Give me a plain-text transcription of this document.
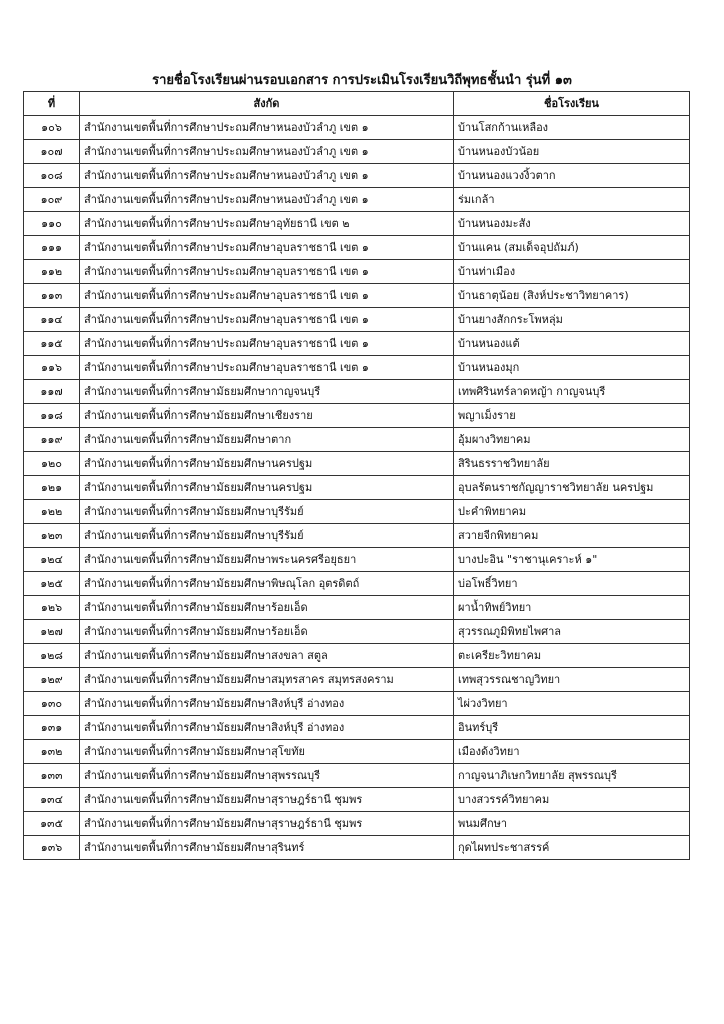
รายชื่อโรงเรียนผ่านรอบเอกสาร การประเมินโรงเรียนวิถีพุทธชั้นนำ รุ่นที่ ๑๓
ที่	สังกัด	ชื่อโรงเรียน
๑๐๖	สำนักงานเขตพื้นที่การศึกษาประถมศึกษาหนองบัวลำภู เขต ๑	บ้านโสกก้านเหลือง
๑๐๗	สำนักงานเขตพื้นที่การศึกษาประถมศึกษาหนองบัวลำภู เขต ๑	บ้านหนองบัวน้อย
๑๐๘	สำนักงานเขตพื้นที่การศึกษาประถมศึกษาหนองบัวลำภู เขต ๑	บ้านหนองแวงงิ้วตาก
๑๐๙	สำนักงานเขตพื้นที่การศึกษาประถมศึกษาหนองบัวลำภู เขต ๑	ร่มเกล้า
๑๑๐	สำนักงานเขตพื้นที่การศึกษาประถมศึกษาอุทัยธานี เขต ๒	บ้านหนองมะสัง
๑๑๑	สำนักงานเขตพื้นที่การศึกษาประถมศึกษาอุบลราชธานี เขต ๑	บ้านแคน (สมเด็จอุปถัมภ์)
๑๑๒	สำนักงานเขตพื้นที่การศึกษาประถมศึกษาอุบลราชธานี เขต ๑	บ้านท่าเมือง
๑๑๓	สำนักงานเขตพื้นที่การศึกษาประถมศึกษาอุบลราชธานี เขต ๑	บ้านธาตุน้อย (สิงห์ประชาวิทยาคาร)
๑๑๔	สำนักงานเขตพื้นที่การศึกษาประถมศึกษาอุบลราชธานี เขต ๑	บ้านยางสักกระโพหลุ่ม
๑๑๕	สำนักงานเขตพื้นที่การศึกษาประถมศึกษาอุบลราชธานี เขต ๑	บ้านหนองแต้
๑๑๖	สำนักงานเขตพื้นที่การศึกษาประถมศึกษาอุบลราชธานี เขต ๑	บ้านหนองมุก
๑๑๗	สำนักงานเขตพื้นที่การศึกษามัธยมศึกษากาญจนบุรี	เทพศิรินทร์ลาดหญ้า กาญจนบุรี
๑๑๘	สำนักงานเขตพื้นที่การศึกษามัธยมศึกษาเชียงราย	พญาเม็งราย
๑๑๙	สำนักงานเขตพื้นที่การศึกษามัธยมศึกษาตาก	อุ้มผางวิทยาคม
๑๒๐	สำนักงานเขตพื้นที่การศึกษามัธยมศึกษานครปฐม	สิรินธรราชวิทยาลัย
๑๒๑	สำนักงานเขตพื้นที่การศึกษามัธยมศึกษานครปฐม	อุบลรัตนราชกัญญาราชวิทยาลัย นครปฐม
๑๒๒	สำนักงานเขตพื้นที่การศึกษามัธยมศึกษาบุรีรัมย์	ปะคำพิทยาคม
๑๒๓	สำนักงานเขตพื้นที่การศึกษามัธยมศึกษาบุรีรัมย์	สวายจีกพิทยาคม
๑๒๔	สำนักงานเขตพื้นที่การศึกษามัธยมศึกษาพระนครศรีอยุธยา	บางปะอิน "ราชานุเคราะห์ ๑"
๑๒๕	สำนักงานเขตพื้นที่การศึกษามัธยมศึกษาพิษณุโลก อุตรดิตถ์	บ่อโพธิ์วิทยา
๑๒๖	สำนักงานเขตพื้นที่การศึกษามัธยมศึกษาร้อยเอ็ด	ผาน้ำทิพย์วิทยา
๑๒๗	สำนักงานเขตพื้นที่การศึกษามัธยมศึกษาร้อยเอ็ด	สุวรรณภูมิพิทยไพศาล
๑๒๘	สำนักงานเขตพื้นที่การศึกษามัธยมศึกษาสงขลา สตูล	ตะเครียะวิทยาคม
๑๒๙	สำนักงานเขตพื้นที่การศึกษามัธยมศึกษาสมุทรสาคร สมุทรสงคราม	เทพสุวรรณชาญวิทยา
๑๓๐	สำนักงานเขตพื้นที่การศึกษามัธยมศึกษาสิงห์บุรี อ่างทอง	ไผ่วงวิทยา
๑๓๑	สำนักงานเขตพื้นที่การศึกษามัธยมศึกษาสิงห์บุรี อ่างทอง	อินทร์บุรี
๑๓๒	สำนักงานเขตพื้นที่การศึกษามัธยมศึกษาสุโขทัย	เมืองด้งวิทยา
๑๓๓	สำนักงานเขตพื้นที่การศึกษามัธยมศึกษาสุพรรณบุรี	กาญจนาภิเษกวิทยาลัย สุพรรณบุรี
๑๓๔	สำนักงานเขตพื้นที่การศึกษามัธยมศึกษาสุราษฎร์ธานี ชุมพร	บางสวรรค์วิทยาคม
๑๓๕	สำนักงานเขตพื้นที่การศึกษามัธยมศึกษาสุราษฎร์ธานี ชุมพร	พนมศึกษา
๑๓๖	สำนักงานเขตพื้นที่การศึกษามัธยมศึกษาสุรินทร์	กุดไผทประชาสรรค์
